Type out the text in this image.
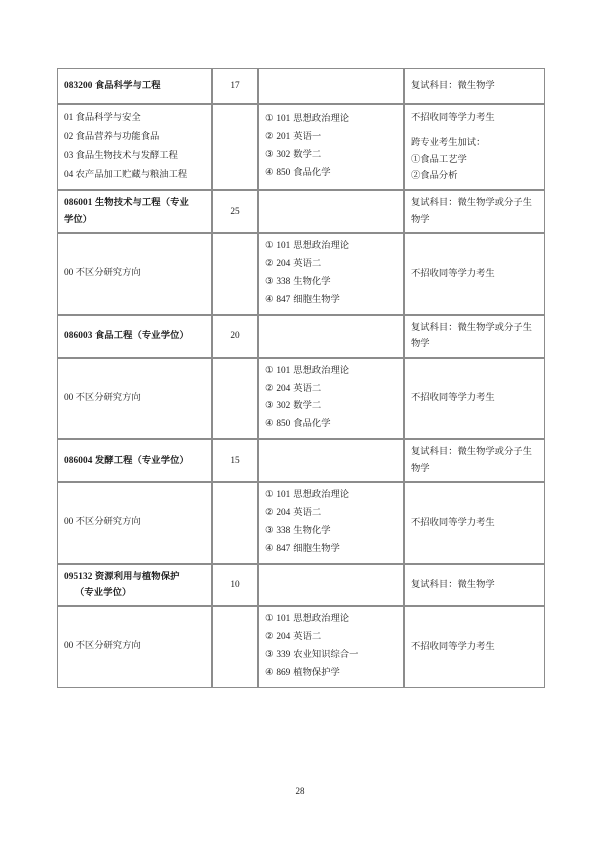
083200 食品科学与工程	17		复试科目：微生物学

01 食品科学与安全
02 食品营养与功能食品
03 食品生物技术与发酵工程
04 农产品加工贮藏与粮油工程		① 101 思想政治理论
② 201 英语一
③ 302 数学二
④ 850 食品化学	不招收同等学力考生
跨专业考生加试：
①食品工艺学
②食品分析

086001 生物技术与工程（专业
学位）	25		复试科目：微生物学或分子生物学

00 不区分研究方向		① 101 思想政治理论
② 204 英语二
③ 338 生物化学
④ 847 细胞生物学	不招收同等学力考生

086003 食品工程（专业学位）	20		复试科目：微生物学或分子生物学

00 不区分研究方向		① 101 思想政治理论
② 204 英语二
③ 302 数学二
④ 850 食品化学	不招收同等学力考生

086004 发酵工程（专业学位）	15		复试科目：微生物学或分子生物学

00 不区分研究方向		① 101 思想政治理论
② 204 英语二
③ 338 生物化学
④ 847 细胞生物学	不招收同等学力考生

095132 资源利用与植物保护
（专业学位）	10		复试科目：微生物学

00 不区分研究方向		① 101 思想政治理论
② 204 英语二
③ 339 农业知识综合一
④ 869 植物保护学	不招收同等学力考生
28
